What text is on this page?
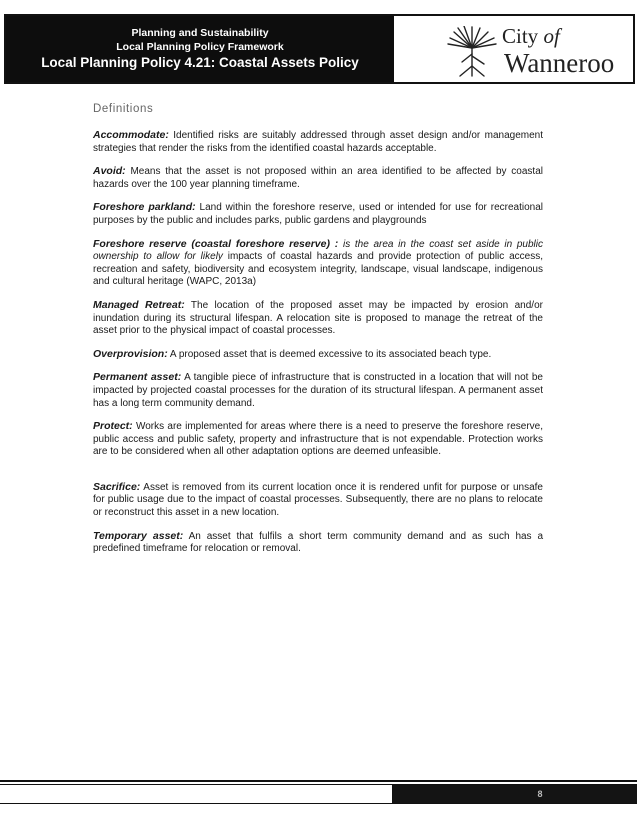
Planning and Sustainability
Local Planning Policy Framework
Local Planning Policy 4.21: Coastal Assets Policy
City of
Wanneroo
Definitions

Accommodate: Identified risks are suitably addressed through asset design and/or management strategies that render the risks from the identified coastal hazards acceptable.

Avoid: Means that the asset is not proposed within an area identified to be affected by coastal hazards over the 100 year planning timeframe.

Foreshore parkland: Land within the foreshore reserve, used or intended for use for recreational purposes by the public and includes parks, public gardens and playgrounds

Foreshore reserve (coastal foreshore reserve) : is the area in the coast set aside in public ownership to allow for likely impacts of coastal hazards and provide protection of public access, recreation and safety, biodiversity and ecosystem integrity, landscape, visual landscape, indigenous and cultural heritage (WAPC, 2013a)

Managed Retreat: The location of the proposed asset may be impacted by erosion and/or inundation during its structural lifespan. A relocation site is proposed to manage the retreat of the asset prior to the physical impact of coastal processes.

Overprovision: A proposed asset that is deemed excessive to its associated beach type.

Permanent asset: A tangible piece of infrastructure that is constructed in a location that will not be impacted by projected coastal processes for the duration of its structural lifespan. A permanent asset has a long term community demand.

Protect: Works are implemented for areas where there is a need to preserve the foreshore reserve, public access and public safety, property and infrastructure that is not expendable. Protection works are to be considered when all other adaptation options are deemed unfeasible.

Sacrifice: Asset is removed from its current location once it is rendered unfit for purpose or unsafe for public usage due to the impact of coastal processes. Subsequently, there are no plans to relocate or reconstruct this asset in a new location.

Temporary asset: An asset that fulfils a short term community demand and as such has a predefined timeframe for relocation or removal.

8
